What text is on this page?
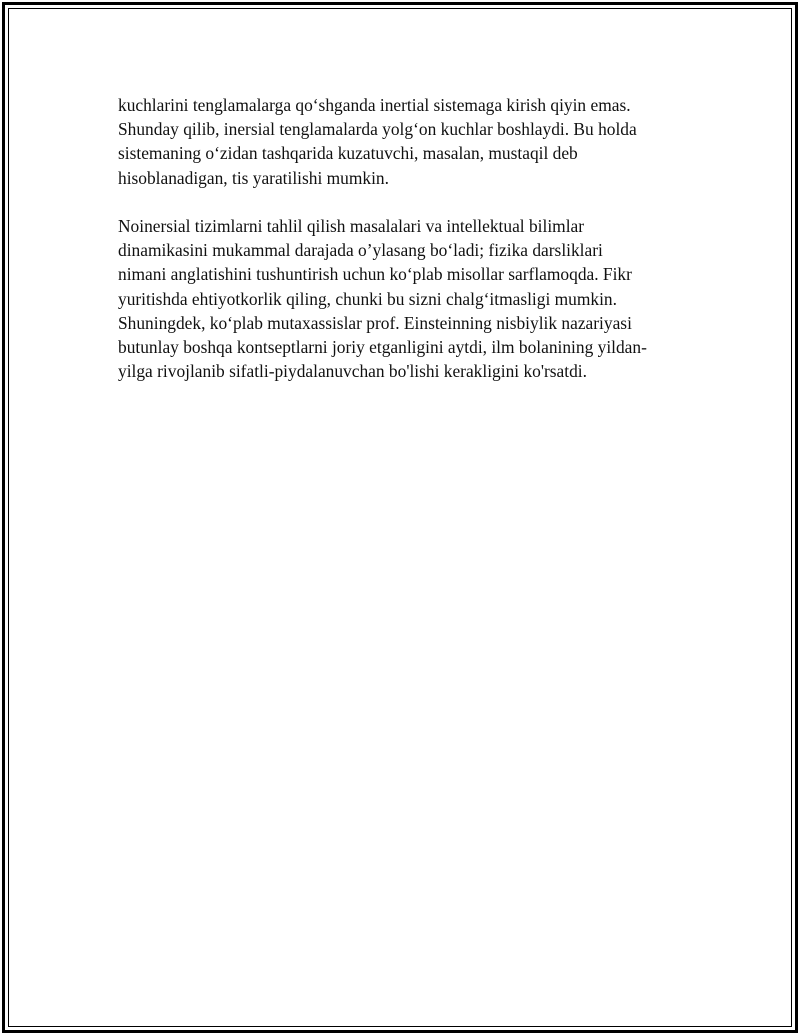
kuchlarini tenglamalarga qo‘shganda inertial sistemaga kirish qiyin emas.
Shunday qilib, inersial tenglamalarda yolg‘on kuchlar boshlaydi. Bu holda
sistemaning o‘zidan tashqarida kuzatuvchi, masalan, mustaqil deb
hisoblanadigan, tis yaratilishi mumkin.

Noinersial tizimlarni tahlil qilish masalalari va intellektual bilimlar
dinamikasini mukammal darajada o’ylasang bo‘ladi; fizika darsliklari
nimani anglatishini tushuntirish uchun ko‘plab misollar sarflamoqda. Fikr
yuritishda ehtiyotkorlik qiling, chunki bu sizni chalg‘itmasligi mumkin.
Shuningdek, ko‘plab mutaxassislar prof. Einsteinning nisbiylik nazariyasi
butunlay boshqa kontseptlarni joriy etganligini aytdi, ilm bolanining yildan-
yilga rivojlanib sifatli-piydalanuvchan bo'lishi kerakligini ko'rsatdi.
